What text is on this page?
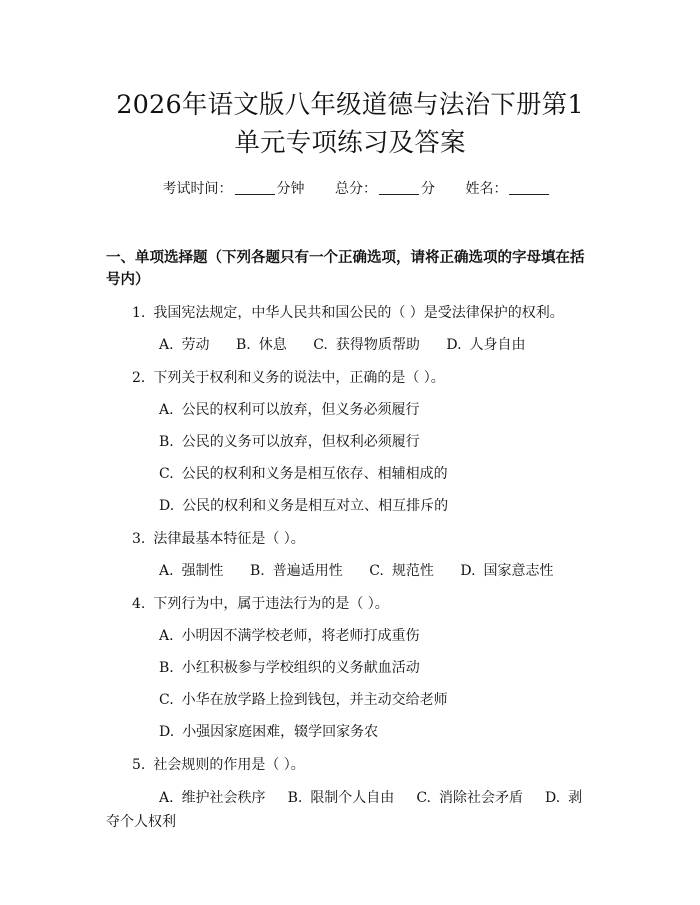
2026年语文版八年级道德与法治下册第1单元专项练习及答案
考试时间：	分钟 总分：	分 姓名：
一、单项选择题（下列各题只有一个正确选项，请将正确选项的字母填在括号内）
1. 我国宪法规定，中华人民共和国公民的（ ）是受法律保护的权利。
A. 劳动 B. 休息 C. 获得物质帮助 D. 人身自由
2. 下列关于权利和义务的说法中，正确的是（ ）。
A. 公民的权利可以放弃，但义务必须履行
B. 公民的义务可以放弃，但权利必须履行
C. 公民的权利和义务是相互依存、相辅相成的
D. 公民的权利和义务是相互对立、相互排斥的
3. 法律最基本特征是（ ）。
A. 强制性 B. 普遍适用性 C. 规范性 D. 国家意志性
4. 下列行为中，属于违法行为的是（ ）。
A. 小明因不满学校老师，将老师打成重伤
B. 小红积极参与学校组织的义务献血活动
C. 小华在放学路上捡到钱包，并主动交给老师
D. 小强因家庭困难，辍学回家务农
5. 社会规则的作用是（ ）。
A. 维护社会秩序 B. 限制个人自由 C. 消除社会矛盾 D. 剥夺个人权利
